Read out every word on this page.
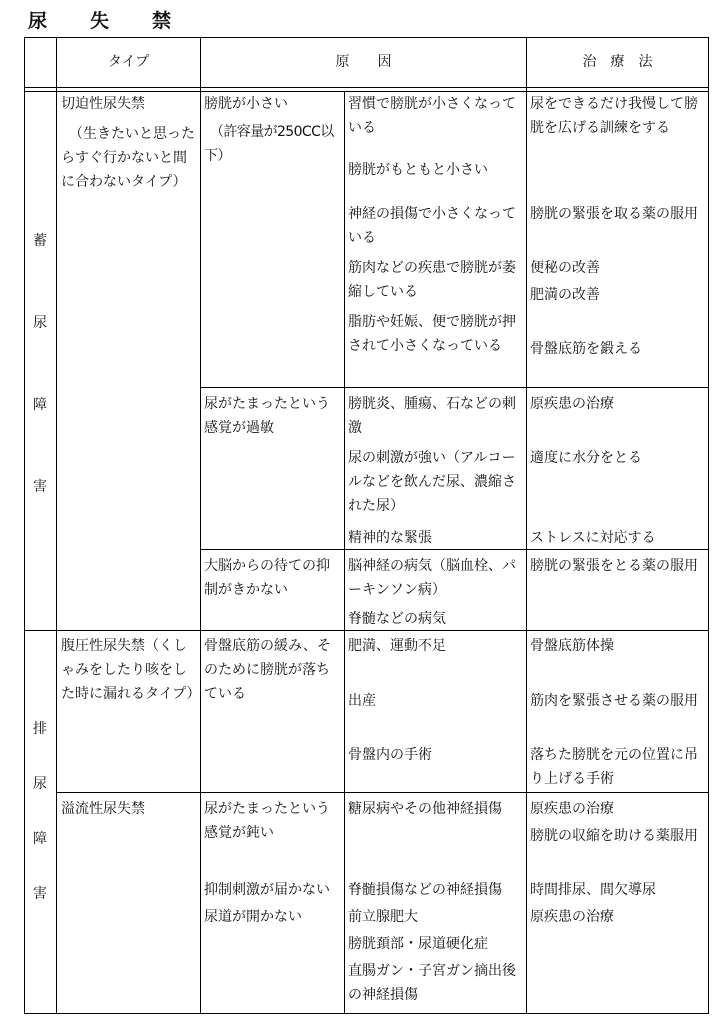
尿　失　禁
タイプ	原　　因	治　療　法
蓄
尿
障
害
排
尿
障
害
切迫性尿失禁
（生きたいと思ったらすぐ行かないと間に合わないタイプ）
腹圧性尿失禁（くしゃみをしたり咳をした時に漏れるタイプ）
溢流性尿失禁
膀胱が小さい
（許容量が250CC以下）
尿がたまったという感覚が過敏
大脳からの待ての抑制がきかない
骨盤底筋の緩み、そのために膀胱が落ちている
尿がたまったという感覚が鈍い
抑制刺激が届かない
尿道が開かない
習慣で膀胱が小さくなっている
膀胱がもともと小さい
神経の損傷で小さくなっている
筋肉などの疾患で膀胱が萎縮している
脂肪や妊娠、便で膀胱が押されて小さくなっている
膀胱炎、腫瘍、石などの刺激
尿の刺激が強い（アルコールなどを飲んだ尿、濃縮された尿）
精神的な緊張
脳神経の病気（脳血栓、パーキンソン病）
脊髄などの病気
肥満、運動不足
出産
骨盤内の手術
糖尿病やその他神経損傷
脊髄損傷などの神経損傷
前立腺肥大
膀胱頚部・尿道硬化症
直腸ガン・子宮ガン摘出後の神経損傷
尿をできるだけ我慢して膀胱を広げる訓練をする
膀胱の緊張を取る薬の服用
便秘の改善
肥満の改善
骨盤底筋を鍛える
原疾患の治療
適度に水分をとる
ストレスに対応する
膀胱の緊張をとる薬の服用
骨盤底筋体操
筋肉を緊張させる薬の服用
落ちた膀胱を元の位置に吊り上げる手術
原疾患の治療
膀胱の収縮を助ける薬服用
時間排尿、間欠導尿
原疾患の治療
